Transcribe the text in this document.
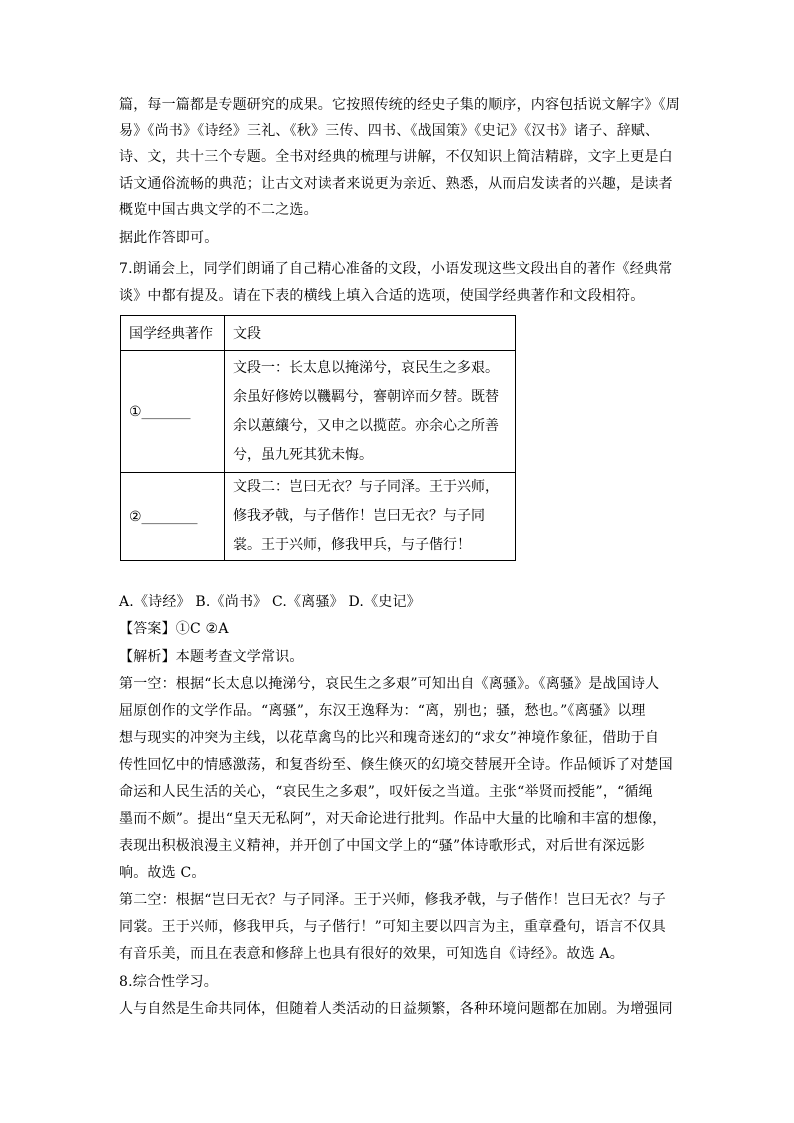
篇，每一篇都是专题研究的成果。它按照传统的经史子集的顺序，内容包括说文解字》《周
易》《尚书》《诗经》三礼、《秋》三传、四书、《战国策》《史记》《汉书》诸子、辞赋、
诗、文，共十三个专题。全书对经典的梳理与讲解，不仅知识上简洁精辟，文字上更是白
话文通俗流畅的典范；让古文对读者来说更为亲近、熟悉，从而启发读者的兴趣，是读者
概览中国古典文学的不二之选。
据此作答即可。
7.朗诵会上，同学们朗诵了自己精心准备的文段，小语发现这些文段出自的著作《经典常
谈》中都有提及。请在下表的横线上填入合适的选项，使国学经典著作和文段相符。
国学经典著作	文段
①_______	文段一：长太息以掩涕兮，哀民生之多艰。
余虽好修姱以鞿羁兮，謇朝谇而夕替。既替
余以蕙纕兮，又申之以揽茝。亦余心之所善
兮，虽九死其犹未悔。

②________	文段二：岂曰无衣？与子同泽。王于兴师，
修我矛戟，与子偕作！岂曰无衣？与子同
裳。王于兴师，修我甲兵，与子偕行！
A.《诗经》 B.《尚书》 C.《离骚》 D.《史记》
【答案】①C ②A
【解析】本题考查文学常识。
第一空：根据“长太息以掩涕兮，哀民生之多艰”可知出自《离骚》。《离骚》是战国诗人
屈原创作的文学作品。“离骚”，东汉王逸释为：“离，别也；骚，愁也。”《离骚》以理
想与现实的冲突为主线，以花草禽鸟的比兴和瑰奇迷幻的“求女”神境作象征，借助于自
传性回忆中的情感激荡，和复沓纷至、倏生倏灭的幻境交替展开全诗。作品倾诉了对楚国
命运和人民生活的关心，“哀民生之多艰”，叹奸佞之当道。主张“举贤而授能”，“循绳
墨而不颇”。提出“皇天无私阿”，对天命论进行批判。作品中大量的比喻和丰富的想像，
表现出积极浪漫主义精神，并开创了中国文学上的“骚”体诗歌形式，对后世有深远影
响。故选 C。
第二空：根据“岂曰无衣？与子同泽。王于兴师，修我矛戟，与子偕作！岂曰无衣？与子
同裳。王于兴师，修我甲兵，与子偕行！”可知主要以四言为主，重章叠句，语言不仅具
有音乐美，而且在表意和修辞上也具有很好的效果，可知选自《诗经》。故选 A。
8.综合性学习。
人与自然是生命共同体，但随着人类活动的日益频繁，各种环境问题都在加剧。为增强同
